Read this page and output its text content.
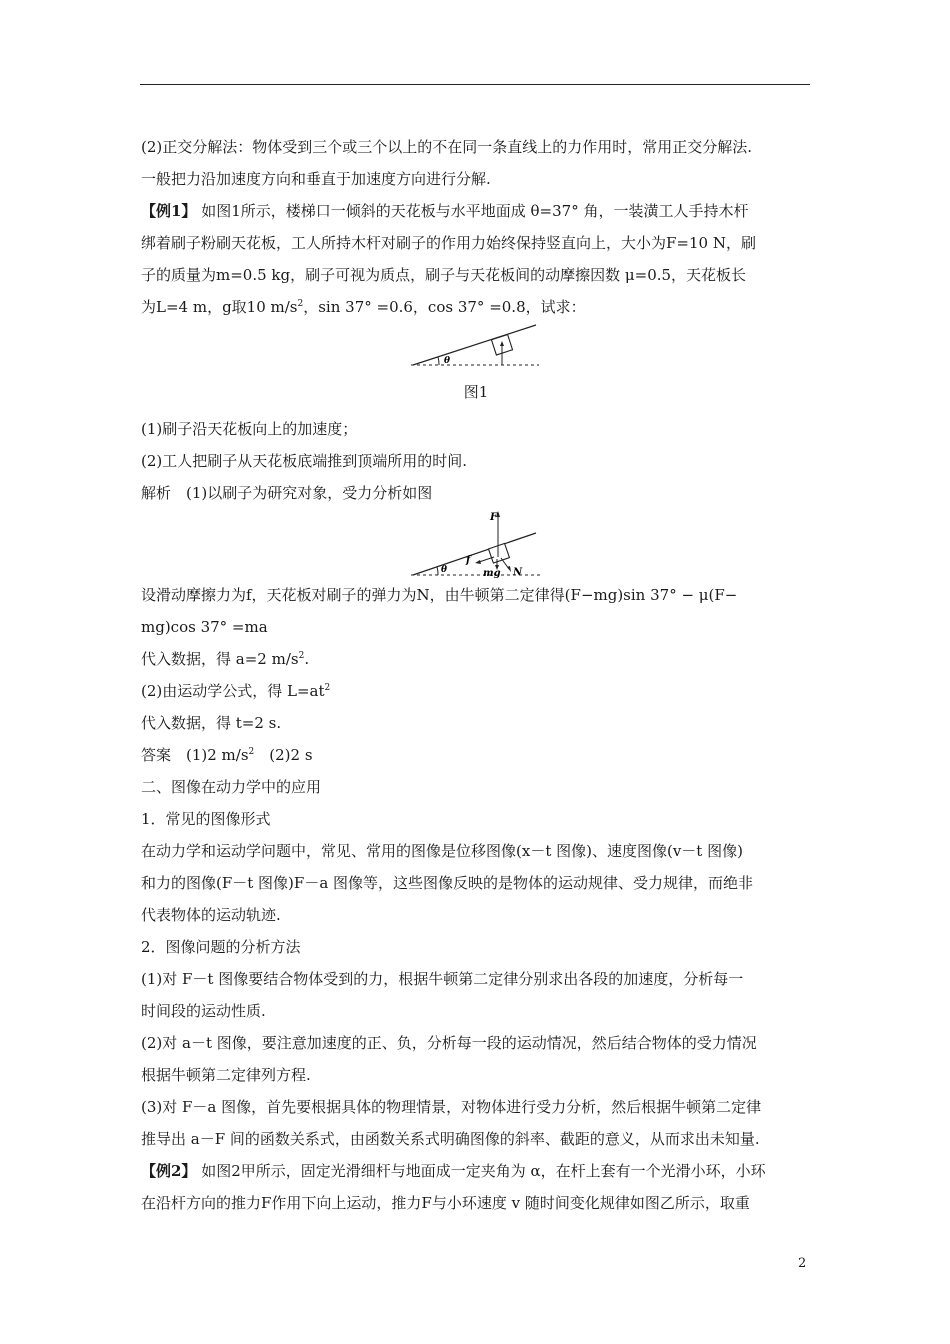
(2)正交分解法：物体受到三个或三个以上的不在同一条直线上的力作用时，常用正交分解法.
一般把力沿加速度方向和垂直于加速度方向进行分解.

【例1】 如图1所示，楼梯口一倾斜的天花板与水平地面成 θ=37° 角，一装潢工人手持木杆
绑着刷子粉刷天花板，工人所持木杆对刷子的作用力始终保持竖直向上，大小为F=10 N，刷
子的质量为m=0.5 kg，刷子可视为质点，刷子与天花板间的动摩擦因数 μ=0.5，天花板长
为L=4 m，g取10 $m/s^2$，sin 37° =0.6，cos 37° =0.8，试求：

θ
图1

(1)刷子沿天花板向上的加速度；
(2)工人把刷子从天花板底端推到顶端所用的时间.
解析　(1)以刷子为研究对象，受力分析如图

θ
F
f
mg N

设滑动摩擦力为f，天花板对刷子的弹力为N，由牛顿第二定律得(F−mg)sin 37° − μ(F−
mg)cos 37° =ma
代入数据，得 a=2 $m/s^2$.
(2)由运动学公式，得 $L=at^2$
代入数据，得 t=2 s.
答案　(1)2 $m/s^2$　(2)2 s
二、图像在动力学中的应用
1．常见的图像形式
在动力学和运动学问题中，常见、常用的图像是位移图像(x－t 图像)、速度图像(v－t 图像)
和力的图像(F－t 图像)F－a 图像等，这些图像反映的是物体的运动规律、受力规律，而绝非
代表物体的运动轨迹.
2．图像问题的分析方法
(1)对 F－t 图像要结合物体受到的力，根据牛顿第二定律分别求出各段的加速度，分析每一
时间段的运动性质.
(2)对 a－t 图像，要注意加速度的正、负，分析每一段的运动情况，然后结合物体的受力情况
根据牛顿第二定律列方程.
(3)对 F－a 图像，首先要根据具体的物理情景，对物体进行受力分析，然后根据牛顿第二定律
推导出 a－F 间的函数关系式，由函数关系式明确图像的斜率、截距的意义，从而求出未知量.
【例2】 如图2甲所示，固定光滑细杆与地面成一定夹角为 α，在杆上套有一个光滑小环，小环
在沿杆方向的推力F作用下向上运动，推力F与小环速度 v 随时间变化规律如图乙所示，取重

2
